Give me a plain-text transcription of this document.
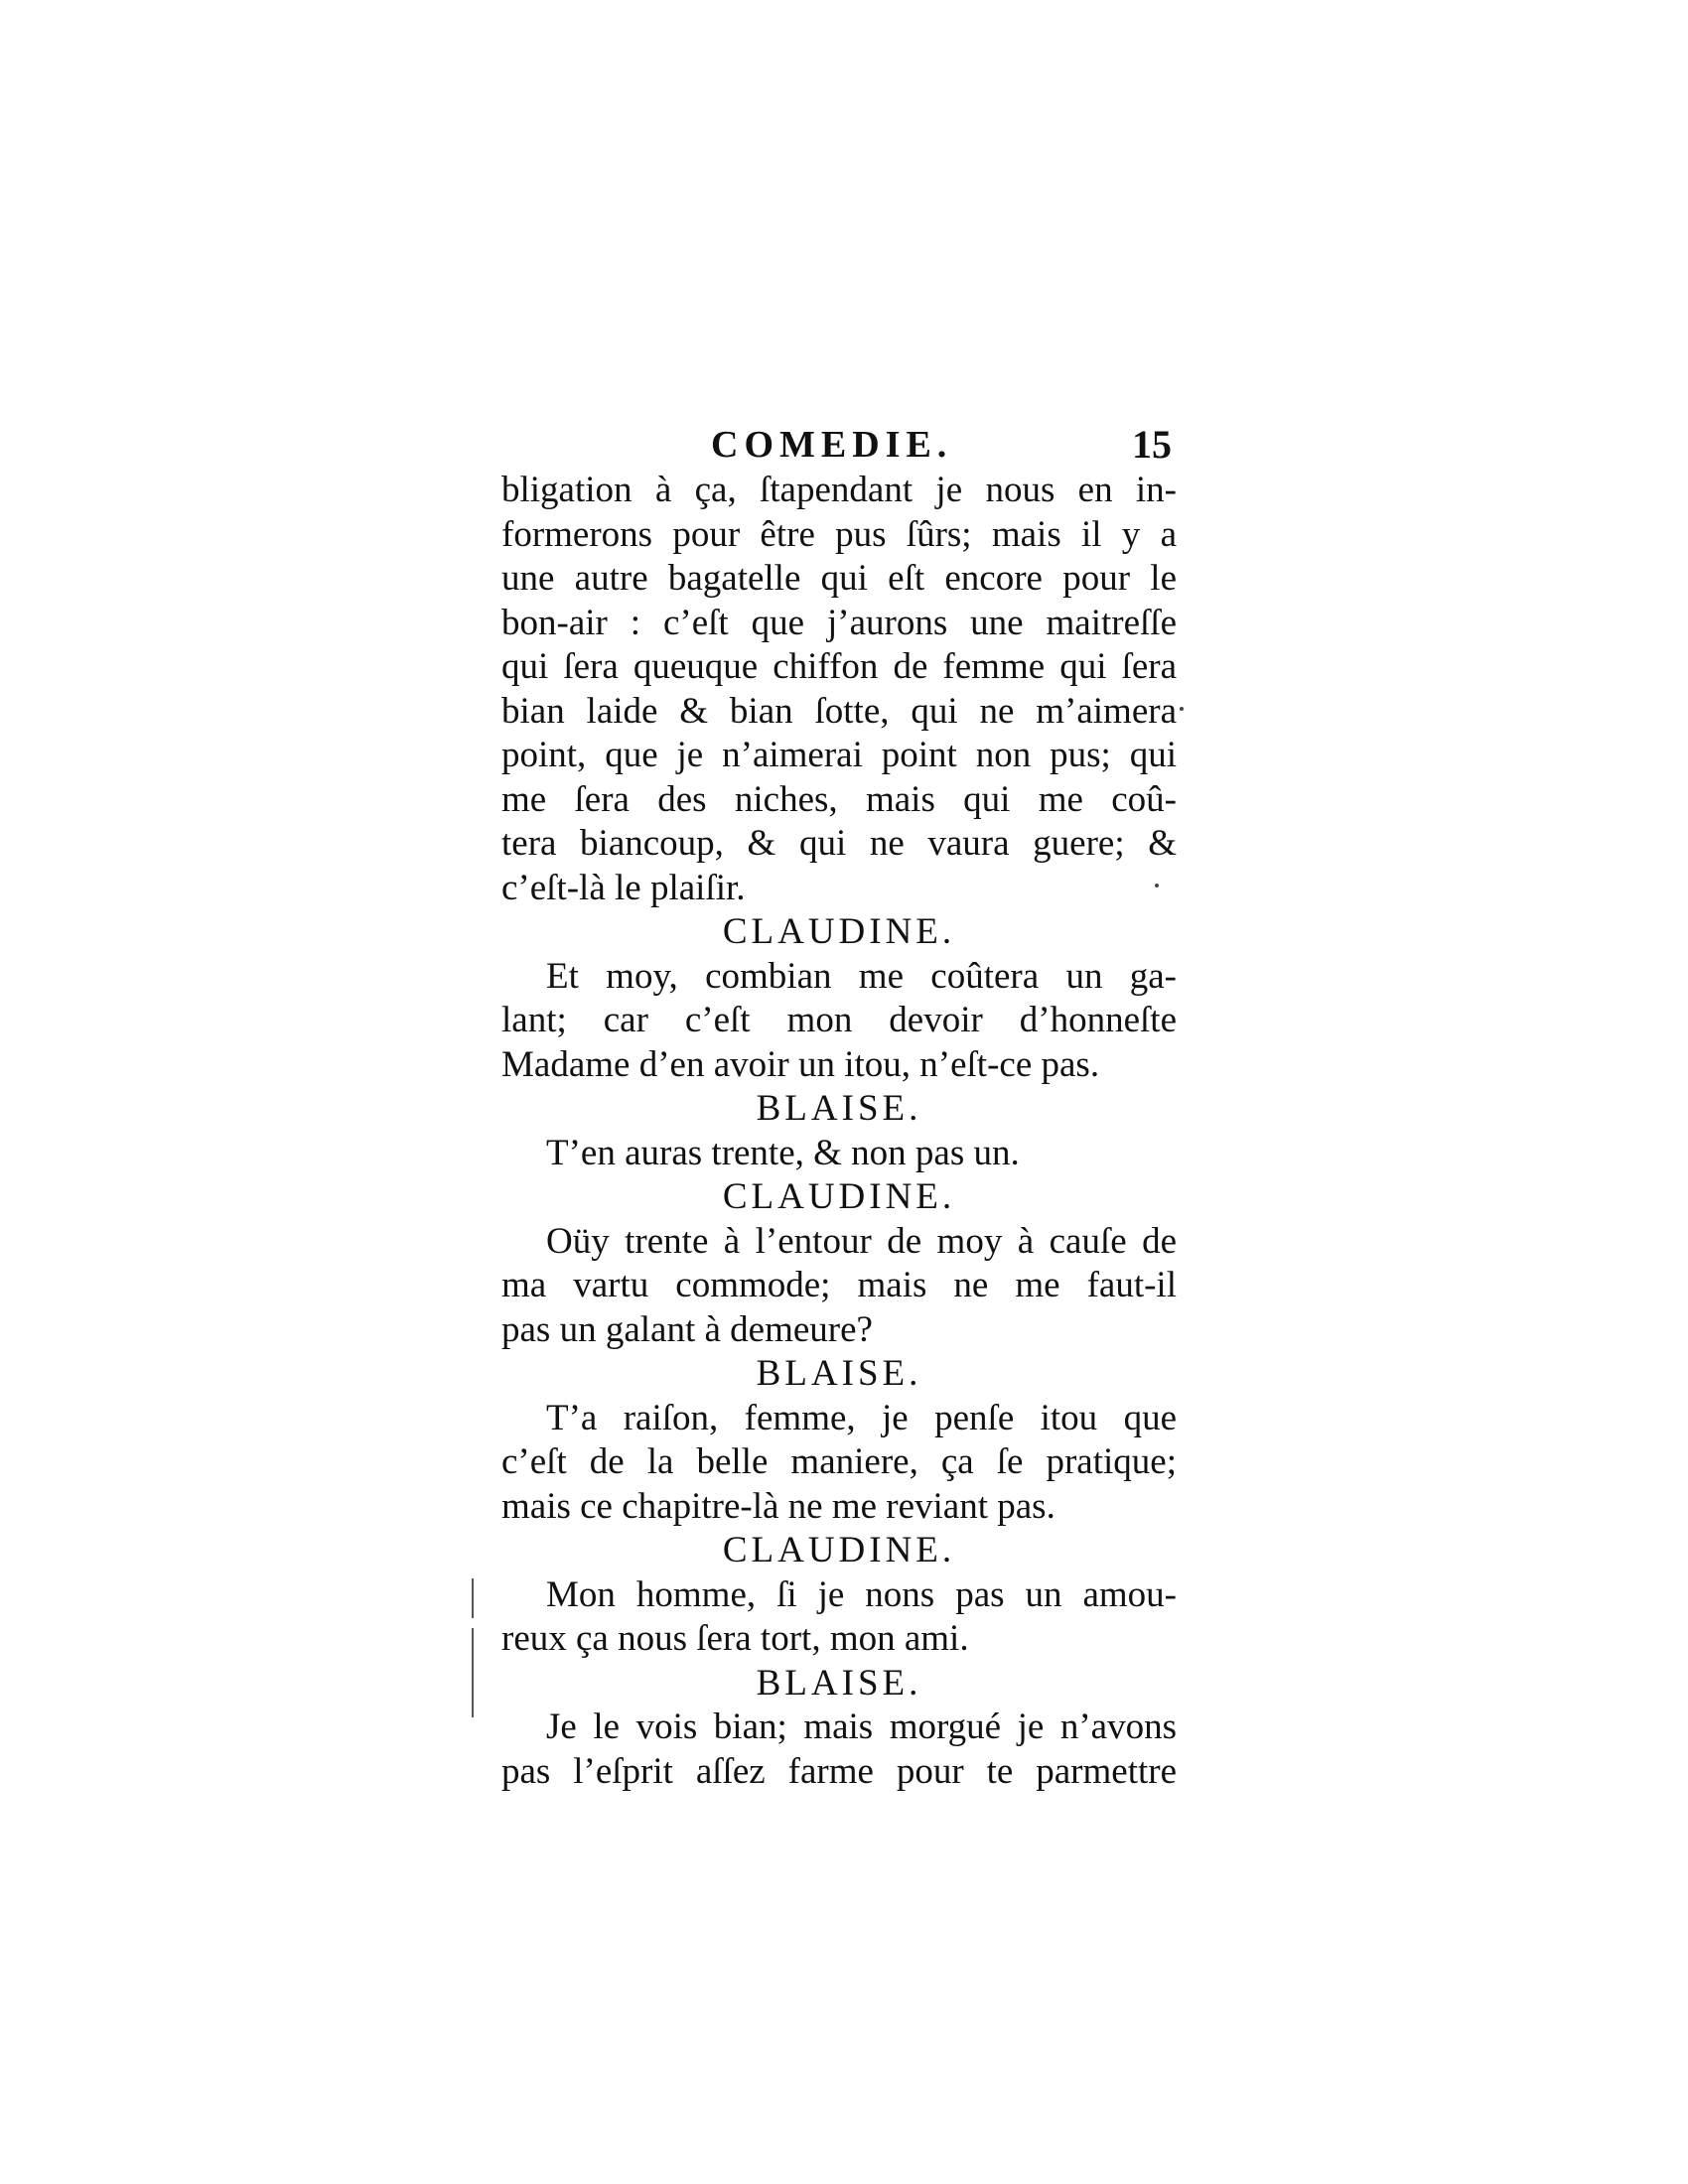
COMEDIE.	15
bligation à ça, ſtapendant je nous en in-
formerons pour être pus ſûrs; mais il y a
une autre bagatelle qui eſt encore pour le
bon-air : c’eſt que j’aurons une maitreſſe
qui ſera queuque chiffon de femme qui ſera
bian laide & bian ſotte, qui ne m’aimera
point, que je n’aimerai point non pus; qui
me ſera des niches, mais qui me coû-
tera biancoup, & qui ne vaura guere; &
c’eſt-là le plaiſir.
CLAUDINE.
Et moy, combian me coûtera un ga-
lant; car c’eſt mon devoir d’honneſte
Madame d’en avoir un itou, n’eſt-ce pas.
BLAISE.
T’en auras trente, & non pas un.
CLAUDINE.
Oüy trente à l’entour de moy à cauſe de
ma vartu commode; mais ne me faut-il
pas un galant à demeure?
BLAISE.
T’a raiſon, femme, je penſe itou que
c’eſt de la belle maniere, ça ſe pratique;
mais ce chapitre-là ne me reviant pas.
CLAUDINE.
Mon homme, ſi je nons pas un amou-
reux ça nous ſera tort, mon ami.
BLAISE.
Je le vois bian; mais morgué je n’avons
pas l’eſprit aſſez farme pour te parmettre
